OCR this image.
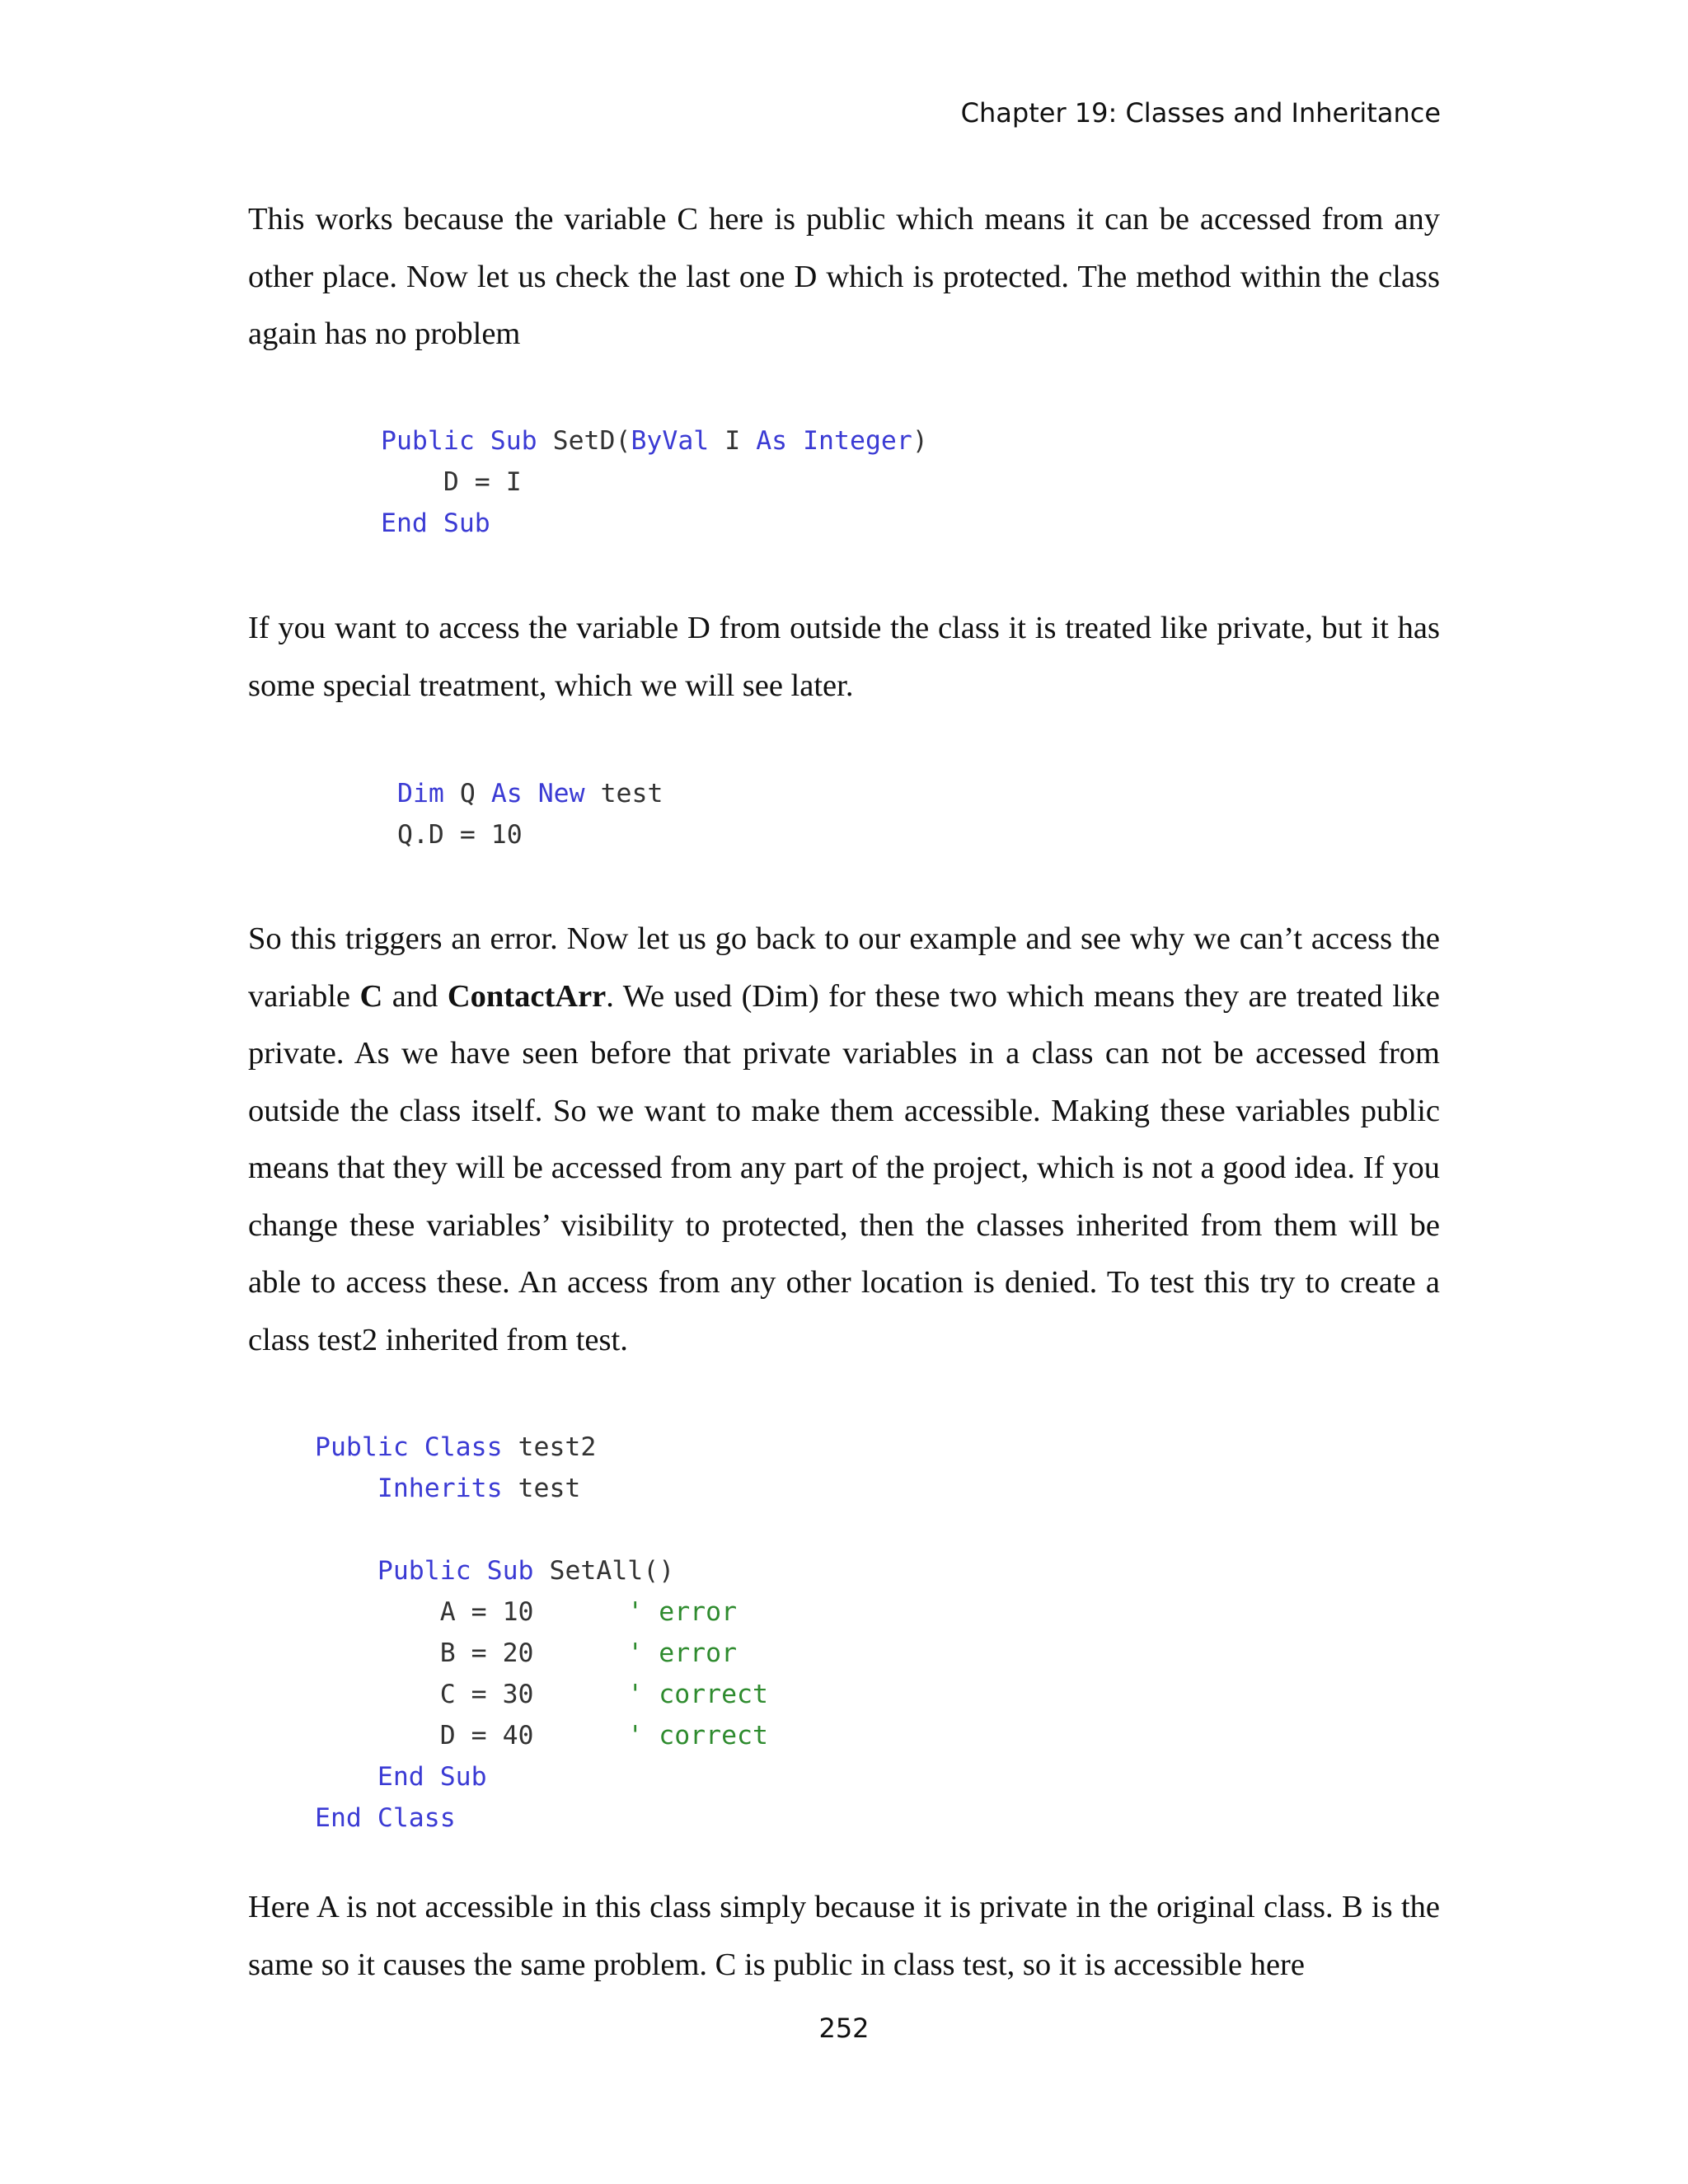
Chapter 19: Classes and Inheritance

This works because the variable C here is public which means it can be accessed from any other place. Now let us check the last one D which is protected. The method within the class again has no problem

Public Sub SetD(ByVal I As Integer)
D = I
End Sub

If you want to access the variable D from outside the class it is treated like private, but it has some special treatment, which we will see later.

Dim Q As New test
Q.D = 10

So this triggers an error. Now let us go back to our example and see why we can’t access the variable C and ContactArr. We used (Dim) for these two which means they are treated like private. As we have seen before that private variables in a class can not be accessed from outside the class itself. So we want to make them accessible. Making these variables public means that they will be accessed from any part of the project, which is not a good idea. If you change these variables’ visibility to protected, then the classes inherited from them will be able to access these. An access from any other location is denied. To test this try to create a class test2 inherited from test.

Public Class test2
Inherits test

Public Sub SetAll()
A = 10      ' error
B = 20      ' error
C = 30      ' correct
D = 40      ' correct
End Sub
End Class

Here A is not accessible in this class simply because it is private in the original class. B is the same so it causes the same problem. C is public in class test, so it is accessible here

252
